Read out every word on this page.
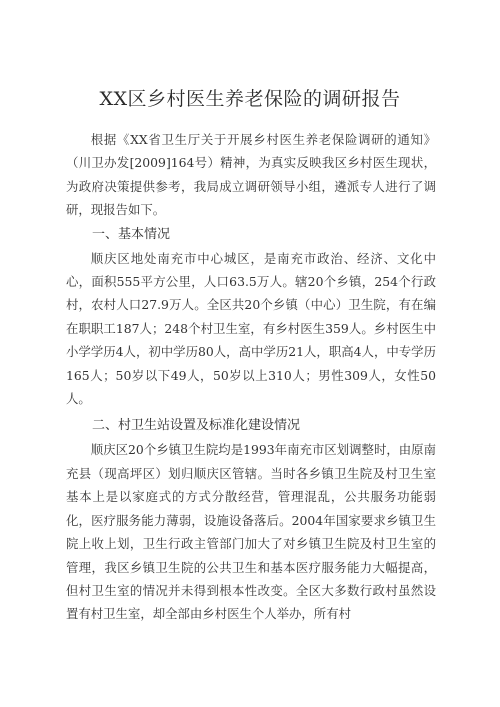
XX区乡村医生养老保险的调研报告

根据《XX省卫生厅关于开展乡村医生养老保险调研的通知》（川卫办发[2009]164号）精神，为真实反映我区乡村医生现状，为政府决策提供参考，我局成立调研领导小组，遴派专人进行了调研，现报告如下。

一、基本情况

顺庆区地处南充市中心城区，是南充市政治、经济、文化中心，面积555平方公里，人口63.5万人。辖20个乡镇，254个行政村，农村人口27.9万人。全区共20个乡镇（中心）卫生院，有在编在职职工187人；248个村卫生室，有乡村医生359人。乡村医生中小学学历4人，初中学历80人，高中学历21人，职高4人，中专学历165人；50岁以下49人，50岁以上310人；男性309人，女性50人。

二、村卫生站设置及标准化建设情况

顺庆区20个乡镇卫生院均是1993年南充市区划调整时，由原南充县（现高坪区）划归顺庆区管辖。当时各乡镇卫生院及村卫生室基本上是以家庭式的方式分散经营，管理混乱，公共服务功能弱化，医疗服务能力薄弱，设施设备落后。2004年国家要求乡镇卫生院上收上划，卫生行政主管部门加大了对乡镇卫生院及村卫生室的管理，我区乡镇卫生院的公共卫生和基本医疗服务能力大幅提高，但村卫生室的情况并未得到根本性改变。全区大多数行政村虽然设置有村卫生室，却全部由乡村医生个人举办，所有村
